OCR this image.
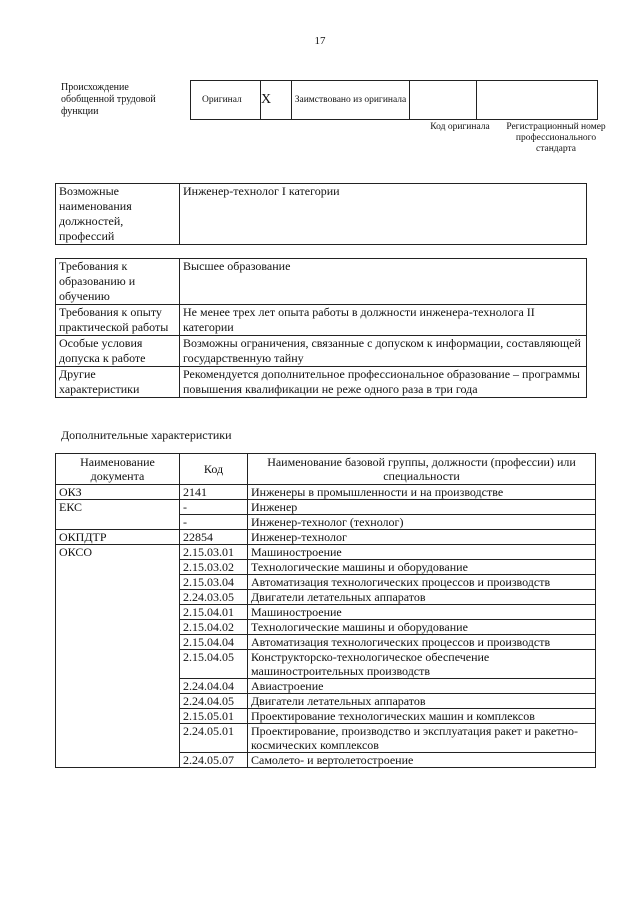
17
Происхождение обобщенной трудовой функции
Оригинал	X	Заимствовано из оригинала		
Код оригинала	Регистрационный номер профессионального стандарта
Возможные наименования должностей, профессий	Инженер-технолог I категории
Требования к образованию и обучению	Высшее образование
Требования к опыту практической работы	Не менее трех лет опыта работы в должности инженера-технолога II категории
Особые условия допуска к работе	Возможны ограничения, связанные с допуском к информации, составляющей государственную тайну
Другие характеристики	Рекомендуется дополнительное профессиональное образование – программы повышения квалификации не реже одного раза в три года
Дополнительные характеристики
Наименование документа	Код	Наименование базовой группы, должности (профессии) или специальности
ОКЗ	2141	Инженеры в промышленности и на производстве
ЕКС	-	Инженер
	-	Инженер-технолог (технолог)
ОКПДТР	22854	Инженер-технолог
ОКСО	2.15.03.01	Машиностроение
	2.15.03.02	Технологические машины и оборудование
	2.15.03.04	Автоматизация технологических процессов и производств
	2.24.03.05	Двигатели летательных аппаратов
	2.15.04.01	Машиностроение
	2.15.04.02	Технологические машины и оборудование
	2.15.04.04	Автоматизация технологических процессов и производств
	2.15.04.05	Конструкторско-технологическое обеспечение машиностроительных производств
	2.24.04.04	Авиастроение
	2.24.04.05	Двигатели летательных аппаратов
	2.15.05.01	Проектирование технологических машин и комплексов
	2.24.05.01	Проектирование, производство и эксплуатация ракет и ракетно-космических комплексов
	2.24.05.07	Самолето- и вертолетостроение
